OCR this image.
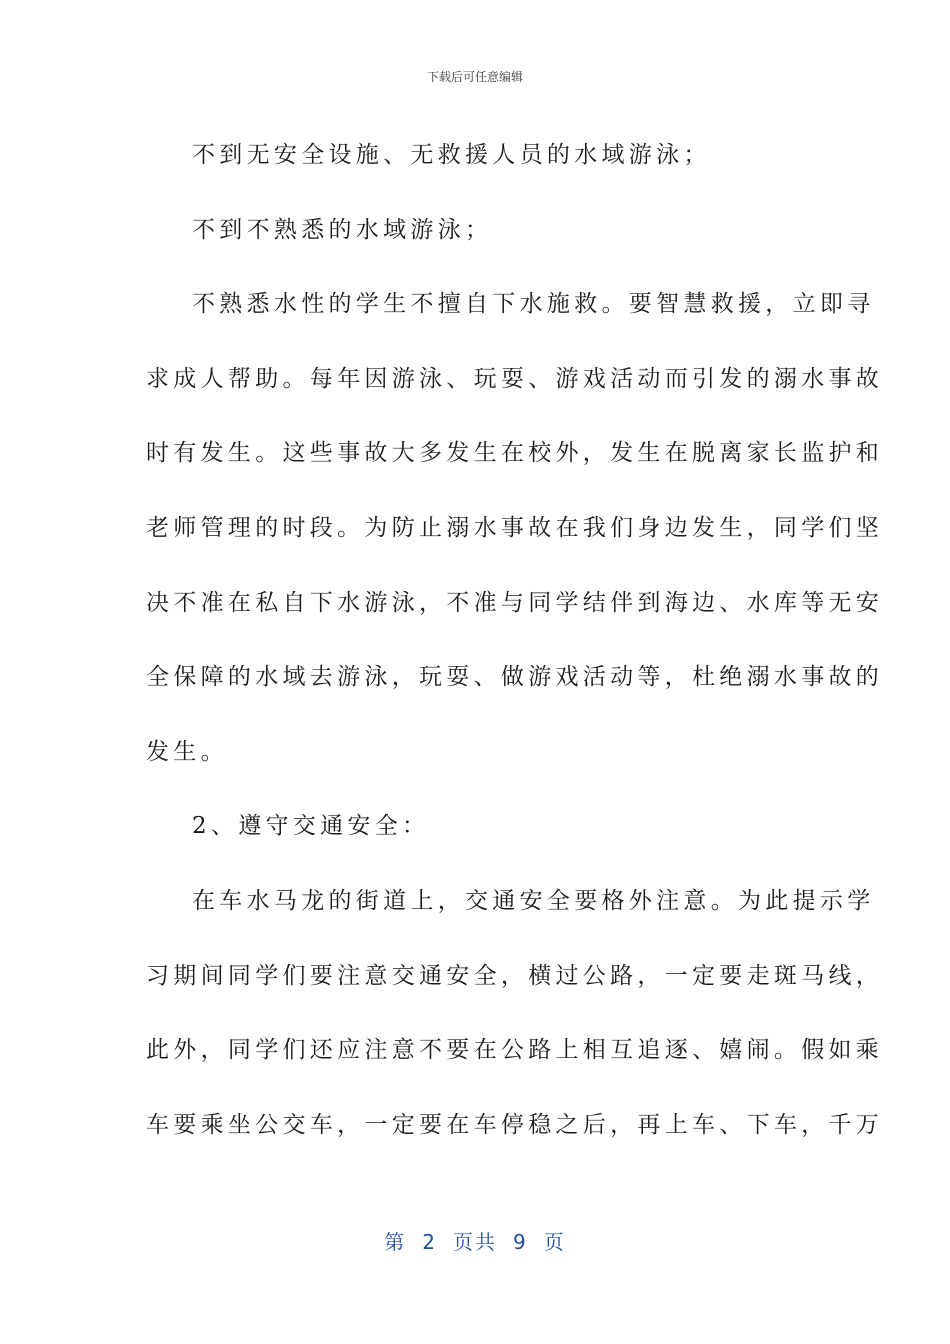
下载后可任意编辑
不到无安全设施、无救援人员的水域游泳；
不到不熟悉的水域游泳；
不熟悉水性的学生不擅自下水施救。要智慧救援，立即寻
求成人帮助。每年因游泳、玩耍、游戏活动而引发的溺水事故
时有发生。这些事故大多发生在校外，发生在脱离家长监护和
老师管理的时段。为防止溺水事故在我们身边发生，同学们坚
决不准在私自下水游泳，不准与同学结伴到海边、水库等无安
全保障的水域去游泳，玩耍、做游戏活动等，杜绝溺水事故的
发生。
2、遵守交通安全：
在车水马龙的街道上，交通安全要格外注意。为此提示学
习期间同学们要注意交通安全，横过公路，一定要走斑马线，
此外，同学们还应注意不要在公路上相互追逐、嬉闹。假如乘
车要乘坐公交车，一定要在车停稳之后，再上车、下车，千万
第 2 页共 9 页
